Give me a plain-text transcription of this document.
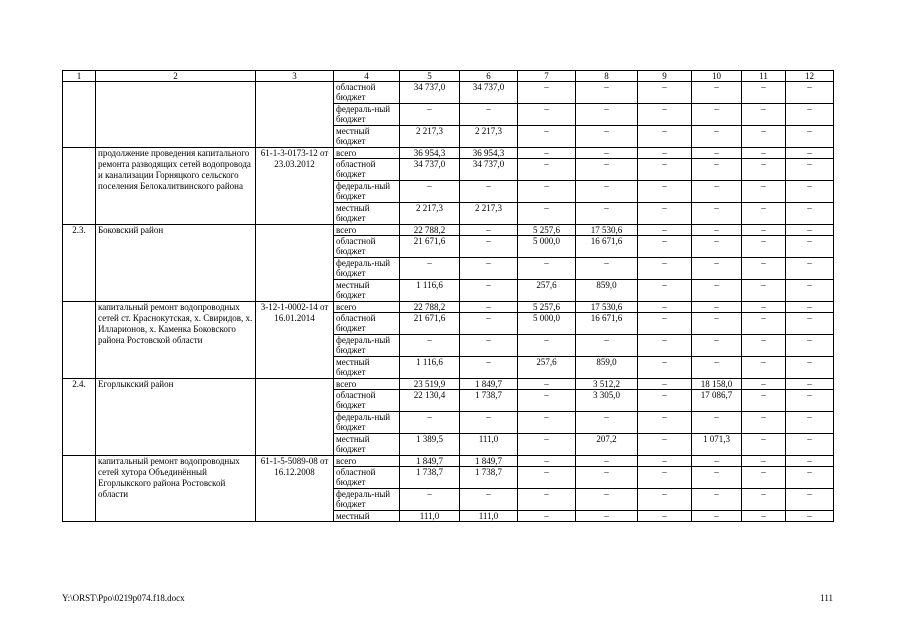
1	2	3	4	5	6	7	8	9	10	11	12
			областной бюджет	34 737,0	34 737,0	–	–	–	–	–	–
			федераль-ный бюджет	–	–	–	–	–	–	–	–
			местный бюджет	2 217,3	2 217,3	–	–	–	–	–	–
	продолжение проведения капитального ремонта разводящих сетей водопровода и канализации Горняцкого сельского поселения Белокалитвинского района	61-1-3-0173-12 от 23.03.2012	всего	36 954,3	36 954,3	–	–	–	–	–	–
			областной бюджет	34 737,0	34 737,0	–	–	–	–	–	–
			федераль-ный бюджет	–	–	–	–	–	–	–	–
			местный бюджет	2 217,3	2 217,3	–	–	–	–	–	–
2.3.	Боковский район		всего	22 788,2	–	5 257,6	17 530,6	–	–	–	–
			областной бюджет	21 671,6	–	5 000,0	16 671,6	–	–	–	–
			федераль-ный бюджет	–	–	–	–	–	–	–	–
			местный бюджет	1 116,6	–	257,6	859,0	–	–	–	–
	капитальный ремонт водопроводных сетей ст. Краснокутская, х. Свиридов, х. Илларионов, х. Каменка Боковского района Ростовской области	3-12-1-0002-14 от 16.01.2014	всего	22 788,2	–	5 257,6	17 530,6	–	–	–	–
			областной бюджет	21 671,6	–	5 000,0	16 671,6	–	–	–	–
			федераль-ный бюджет	–	–	–	–	–	–	–	–
			местный бюджет	1 116,6	–	257,6	859,0	–	–	–	–
2.4.	Егорлыкский район		всего	23 519,9	1 849,7	–	3 512,2	–	18 158,0	–	–
			областной бюджет	22 130,4	1 738,7	–	3 305,0	–	17 086,7	–	–
			федераль-ный бюджет	–	–	–	–	–	–	–	–
			местный бюджет	1 389,5	111,0	–	207,2	–	1 071,3	–	–
	капитальный ремонт водопроводных сетей хутора Объединённый Егорлыкского района Ростовской области	61-1-5-5089-08 от 16.12.2008	всего	1 849,7	1 849,7	–	–	–	–	–	–
			областной бюджет	1 738,7	1 738,7	–	–	–	–	–	–
			федераль-ный бюджет	–	–	–	–	–	–	–	–
			местный	111,0	111,0	–	–	–	–	–	–
Y:\ORST\Ppo\0219p074.f18.docx	111
